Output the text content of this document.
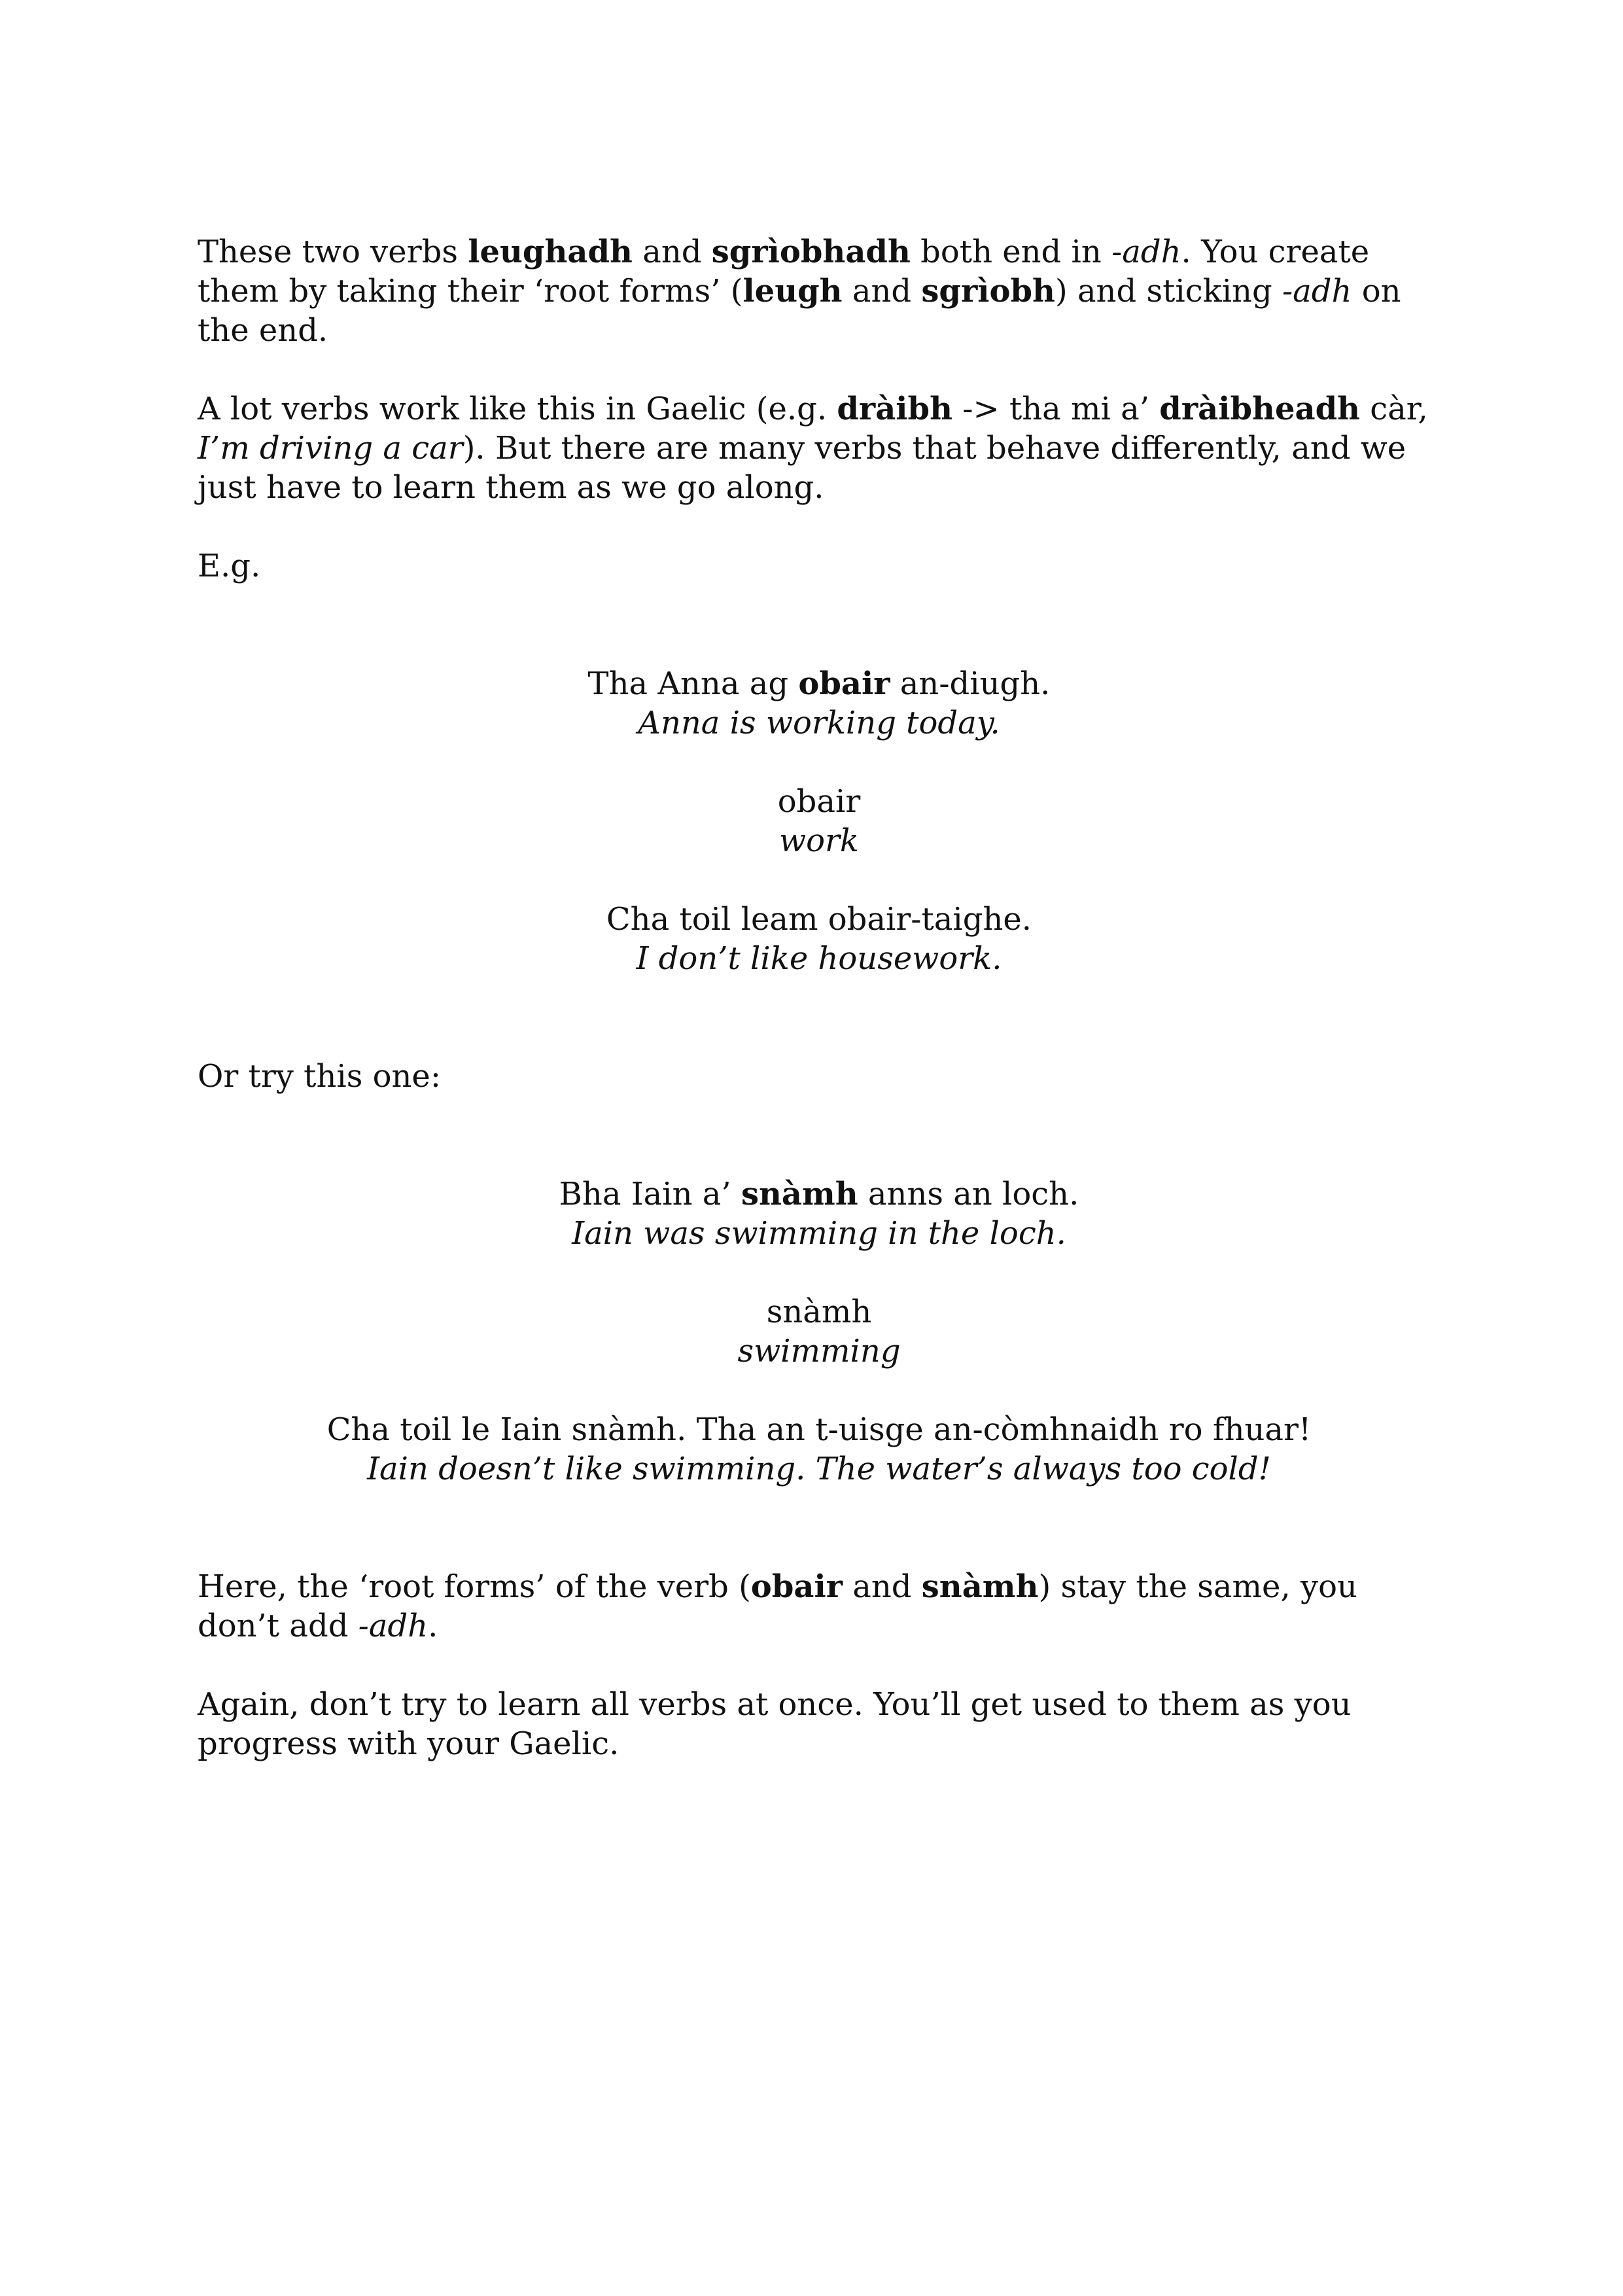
These two verbs leughadh and sgrìobhadh both end in -adh. You create them by taking their ‘root forms’ (leugh and sgrìobh) and sticking -adh on the end.

A lot verbs work like this in Gaelic (e.g. dràibh -> tha mi a’ dràibheadh càr, I’m driving a car). But there are many verbs that behave differently, and we just have to learn them as we go along.

E.g.

Tha Anna ag obair an-diugh.

Anna is working today.

obair

work

Cha toil leam obair-taighe.

I don’t like housework.

Or try this one:

Bha Iain a’ snàmh anns an loch.

Iain was swimming in the loch.

snàmh

swimming

Cha toil le Iain snàmh. Tha an t-uisge an-còmhnaidh ro fhuar!

Iain doesn’t like swimming. The water’s always too cold!

Here, the ‘root forms’ of the verb (obair and snàmh) stay the same, you don’t add -adh.

Again, don’t try to learn all verbs at once. You’ll get used to them as you progress with your Gaelic.
